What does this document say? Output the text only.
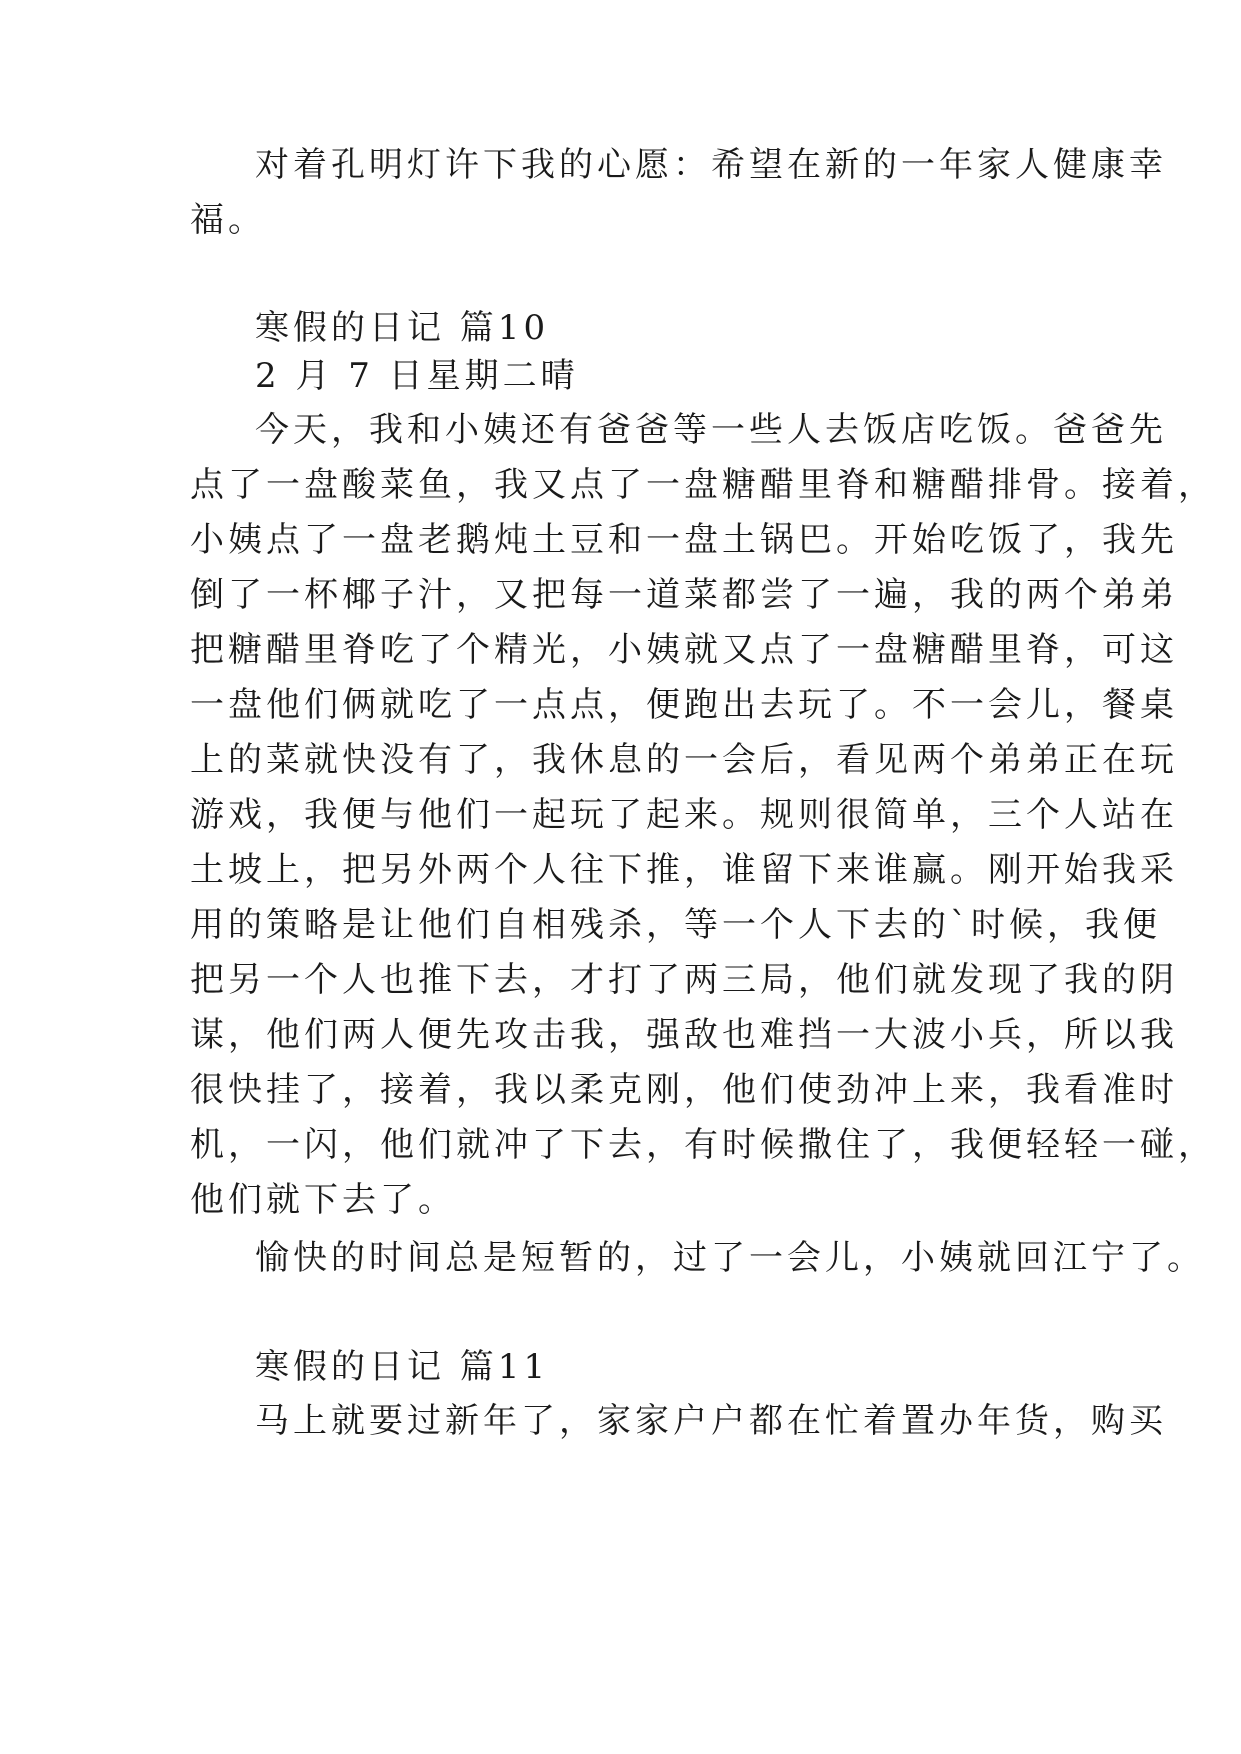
对着孔明灯许下我的心愿：希望在新的一年家人健康幸
福。
寒假的日记 篇10
2 月 7 日星期二晴
今天，我和小姨还有爸爸等一些人去饭店吃饭。爸爸先
点了一盘酸菜鱼，我又点了一盘糖醋里脊和糖醋排骨。接着，
小姨点了一盘老鹅炖土豆和一盘土锅巴。开始吃饭了，我先
倒了一杯椰子汁，又把每一道菜都尝了一遍，我的两个弟弟
把糖醋里脊吃了个精光，小姨就又点了一盘糖醋里脊，可这
一盘他们俩就吃了一点点，便跑出去玩了。不一会儿，餐桌
上的菜就快没有了，我休息的一会后，看见两个弟弟正在玩
游戏，我便与他们一起玩了起来。规则很简单，三个人站在
土坡上，把另外两个人往下推，谁留下来谁赢。刚开始我采
用的策略是让他们自相残杀，等一个人下去的`时候，我便
把另一个人也推下去，才打了两三局，他们就发现了我的阴
谋，他们两人便先攻击我，强敌也难挡一大波小兵，所以我
很快挂了，接着，我以柔克刚，他们使劲冲上来，我看准时
机，一闪，他们就冲了下去，有时候撒住了，我便轻轻一碰，
他们就下去了。
愉快的时间总是短暂的，过了一会儿，小姨就回江宁了。
寒假的日记 篇11
马上就要过新年了，家家户户都在忙着置办年货，购买
